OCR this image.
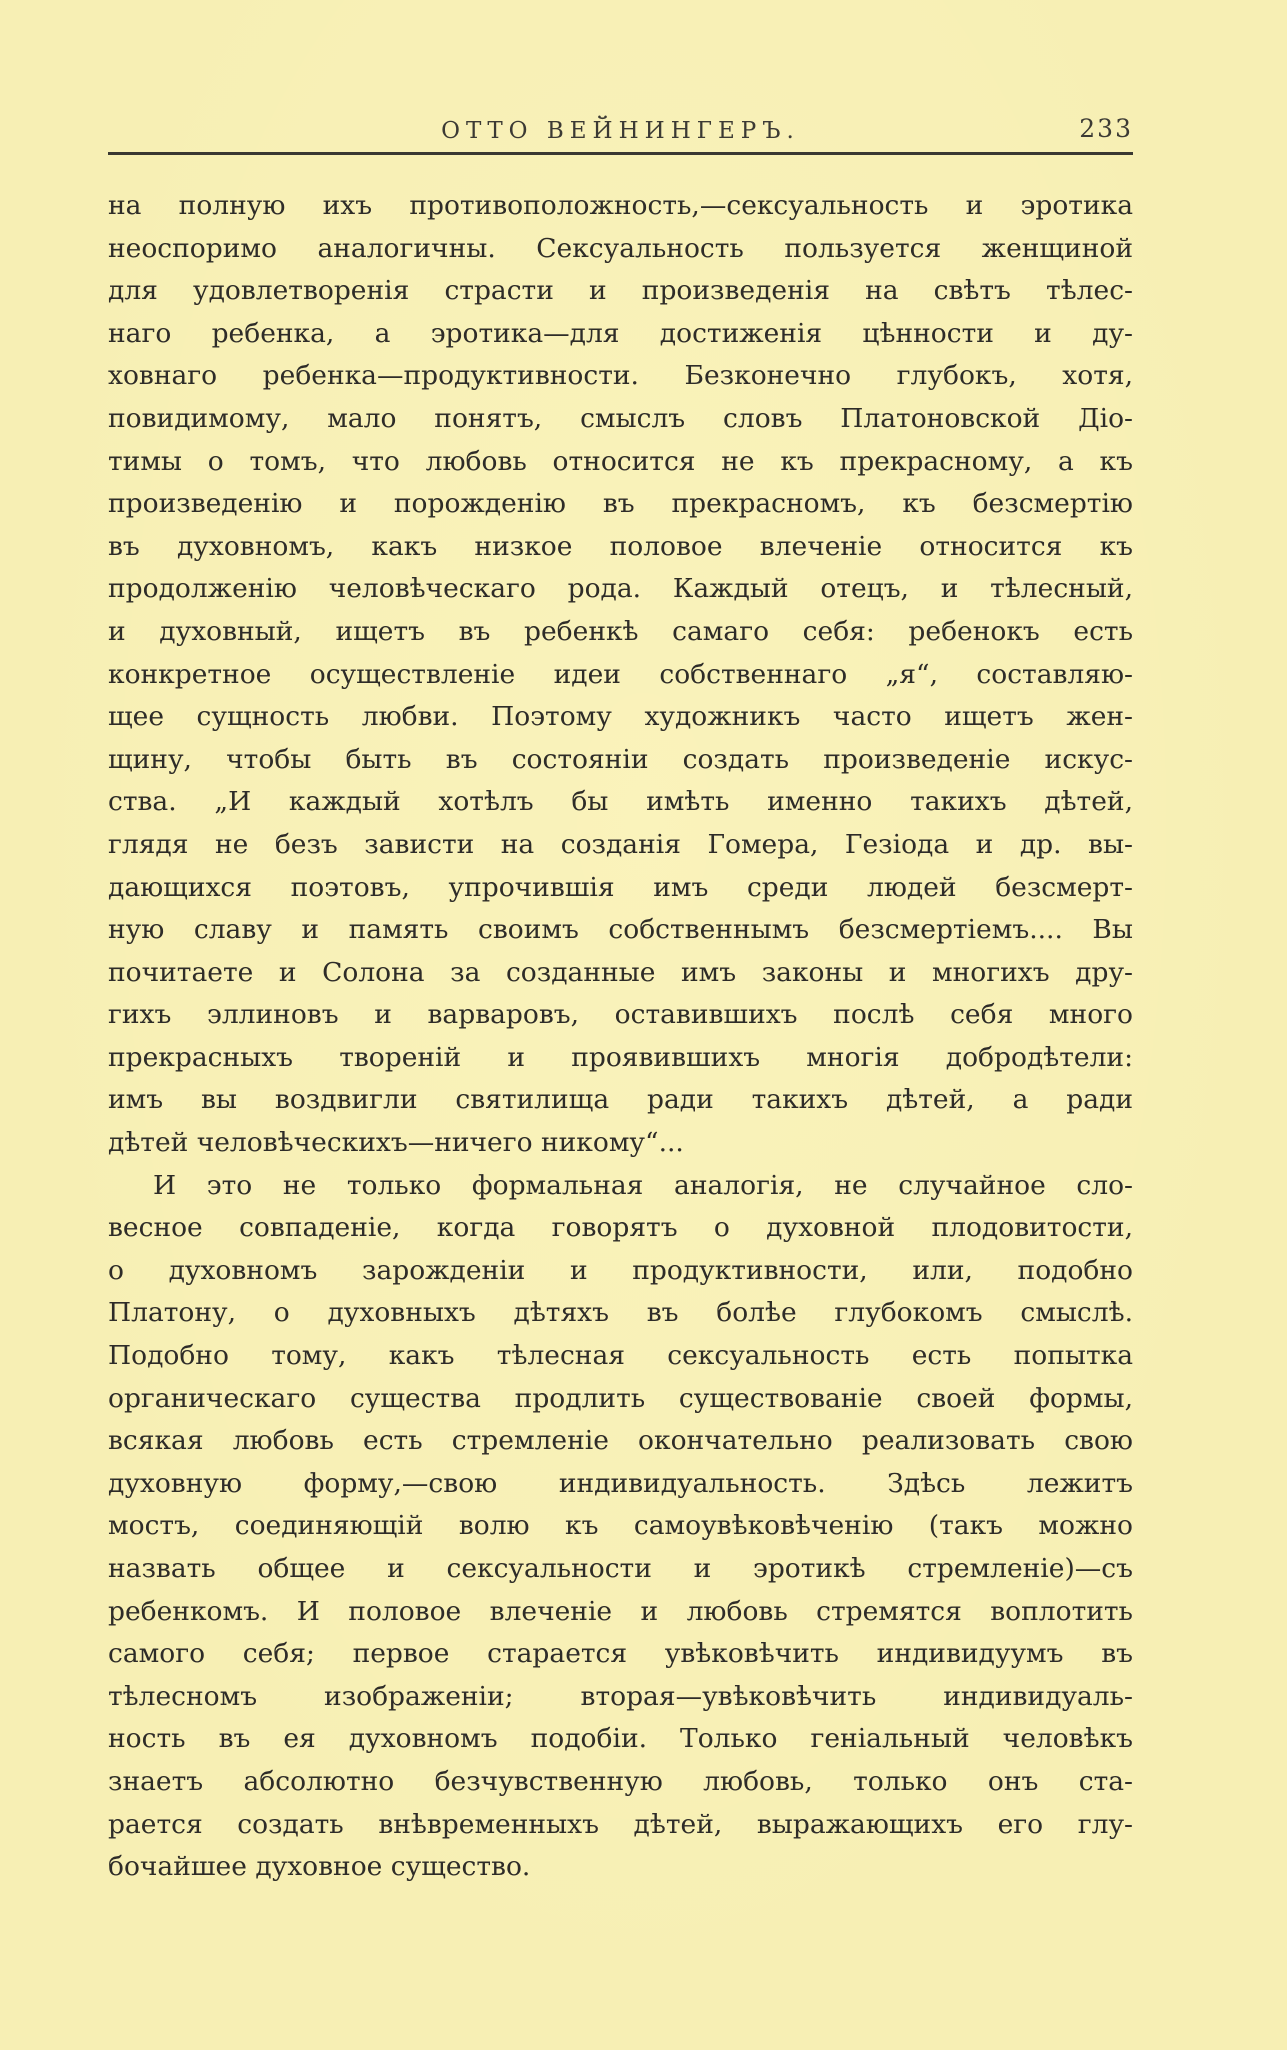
ОТТО ВЕЙНИНГЕРЪ.	233
на полную ихъ противоположность,—сексуальность и эротика
неоспоримо аналогичны. Сексуальность пользуется женщиной
для удовлетворенія страсти и произведенія на свѣтъ тѣлес-
наго ребенка, а эротика—для достиженія цѣнности и ду-
ховнаго ребенка—продуктивности. Безконечно глубокъ, хотя,
повидимому, мало понятъ, смыслъ словъ Платоновской Діо-
тимы о томъ, что любовь относится не къ прекрасному, а къ
произведенію и порожденію въ прекрасномъ, къ безсмертію
въ духовномъ, какъ низкое половое влеченіе относится къ
продолженію человѣческаго рода. Каждый отецъ, и тѣлесный,
и духовный, ищетъ въ ребенкѣ самаго себя: ребенокъ есть
конкретное осуществленіе идеи собственнаго „я“, составляю-
щее сущность любви. Поэтому художникъ часто ищетъ жен-
щину, чтобы быть въ состояніи создать произведеніе искус-
ства. „И каждый хотѣлъ бы имѣть именно такихъ дѣтей,
глядя не безъ зависти на созданія Гомера, Гезіода и др. вы-
дающихся поэтовъ, упрочившія имъ среди людей безсмерт-
ную славу и память своимъ собственнымъ безсмертіемъ.... Вы
почитаете и Солона за созданные имъ законы и многихъ дру-
гихъ эллиновъ и варваровъ, оставившихъ послѣ себя много
прекрасныхъ твореній и проявившихъ многія добродѣтели:
имъ вы воздвигли святилища ради такихъ дѣтей, а ради
дѣтей человѣческихъ—ничего никому“...
И это не только формальная аналогія, не случайное сло-
весное совпаденіе, когда говорятъ о духовной плодовитости,
о духовномъ зарожденіи и продуктивности, или, подобно
Платону, о духовныхъ дѣтяхъ въ болѣе глубокомъ смыслѣ.
Подобно тому, какъ тѣлесная сексуальность есть попытка
органическаго существа продлить существованіе своей формы,
всякая любовь есть стремленіе окончательно реализовать свою
духовную форму,—свою индивидуальность. Здѣсь лежитъ
мостъ, соединяющій волю къ самоувѣковѣченію (такъ можно
назвать общее и сексуальности и эротикѣ стремленіе)—съ
ребенкомъ. И половое влеченіе и любовь стремятся воплотить
самого себя; первое старается увѣковѣчить индивидуумъ въ
тѣлесномъ изображеніи; вторая—увѣковѣчить индивидуаль-
ность въ ея духовномъ подобіи. Только геніальный человѣкъ
знаетъ абсолютно безчувственную любовь, только онъ ста-
рается создать внѣвременныхъ дѣтей, выражающихъ его глу-
бочайшее духовное существо.
